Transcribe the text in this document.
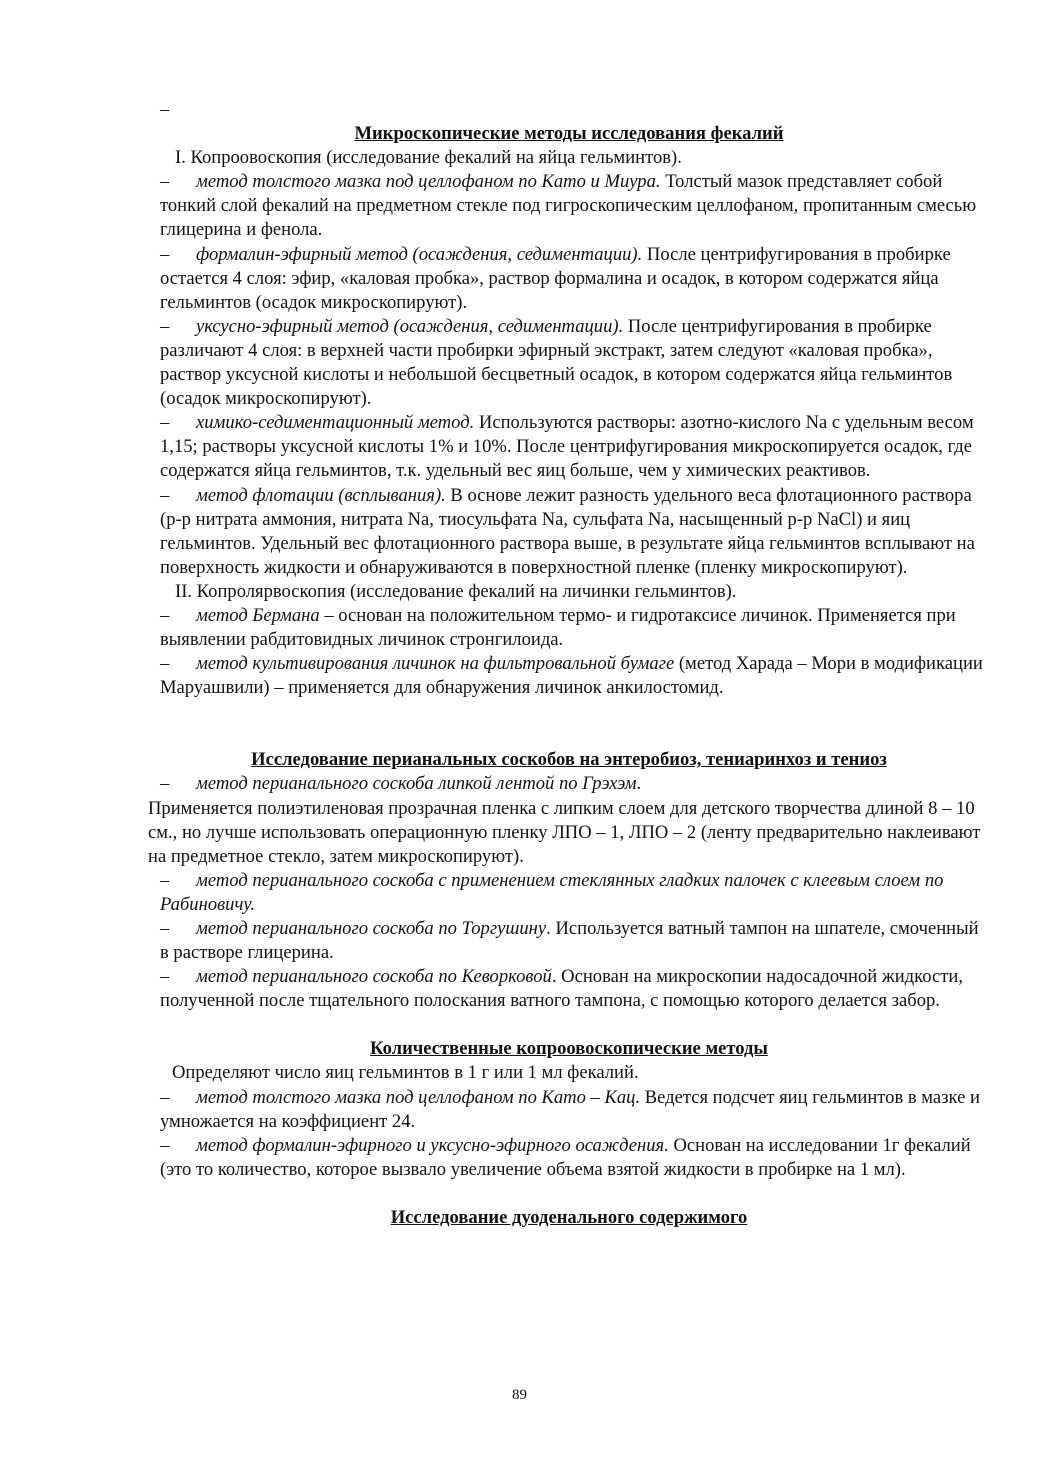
–

Микроскопические методы исследования фекалий

I. Копроовоскопия (исследование фекалий на яйца гельминтов).

– метод толстого мазка под целлофаном по Като и Миура. Толстый мазок представляет собой тонкий слой фекалий на предметном стекле под гигроскопическим целлофаном, пропитанным смесью глицерина и фенола.

– формалин-эфирный метод (осаждения, седиментации). После центрифугирования в пробирке остается 4 слоя: эфир, «каловая пробка», раствор формалина и осадок, в котором содержатся яйца гельминтов (осадок микроскопируют).

– уксусно-эфирный метод (осаждения, седиментации). После центрифугирования в пробирке различают 4 слоя: в верхней части пробирки эфирный экстракт, затем следуют «каловая пробка», раствор уксусной кислоты и небольшой бесцветный осадок, в котором содержатся яйца гельминтов (осадок микроскопируют).

– химико-седиментационный метод. Используются растворы: азотно-кислого Na с удельным весом 1,15; растворы уксусной кислоты 1% и 10%. После центрифугирования микроскопируется осадок, где содержатся яйца гельминтов, т.к. удельный вес яиц больше, чем у химических реактивов.

– метод флотации (всплывания). В основе лежит разность удельного веса флотационного раствора (р-р нитрата аммония, нитрата Na, тиосульфата Na, сульфата Na, насыщенный р-р NaCl) и яиц гельминтов. Удельный вес флотационного раствора выше, в результате яйца гельминтов всплывают на поверхность жидкости и обнаруживаются в поверхностной пленке (пленку микроскопируют).

II. Копролярвоскопия (исследование фекалий на личинки гельминтов).

– метод Бермана – основан на положительном термо- и гидротаксисе личинок. Применяется при выявлении рабдитовидных личинок стронгилоида.

– метод культивирования личинок на фильтровальной бумаге (метод Харада – Мори в модификации Маруашвили) – применяется для обнаружения личинок анкилостомид.

Исследование перианальных соскобов на энтеробиоз, тениаринхоз и тениоз

– метод перианального соскоба липкой лентой по Грэхэм.

Применяется полиэтиленовая прозрачная пленка с липким слоем для детского творчества длиной 8 – 10 см., но лучше использовать операционную пленку ЛПО – 1, ЛПО – 2 (ленту предварительно наклеивают на предметное стекло, затем микроскопируют).

– метод перианального соскоба с применением стеклянных гладких палочек с клеевым слоем по Рабиновичу.

– метод перианального соскоба по Торгушину. Используется ватный тампон на шпателе, смоченный в растворе глицерина.

– метод перианального соскоба по Кеворковой. Основан на микроскопии надосадочной жидкости, полученной после тщательного полоскания ватного тампона, с помощью которого делается забор.

Количественные копроовоскопические методы

Определяют число яиц гельминтов в 1 г или 1 мл фекалий.

– метод толстого мазка под целлофаном по Като – Кац. Ведется подсчет яиц гельминтов в мазке и умножается на коэффициент 24.

– метод формалин-эфирного и уксусно-эфирного осаждения. Основан на исследовании 1г фекалий (это то количество, которое вызвало увеличение объема взятой жидкости в пробирке на 1 мл).

Исследование дуоденального содержимого

89
